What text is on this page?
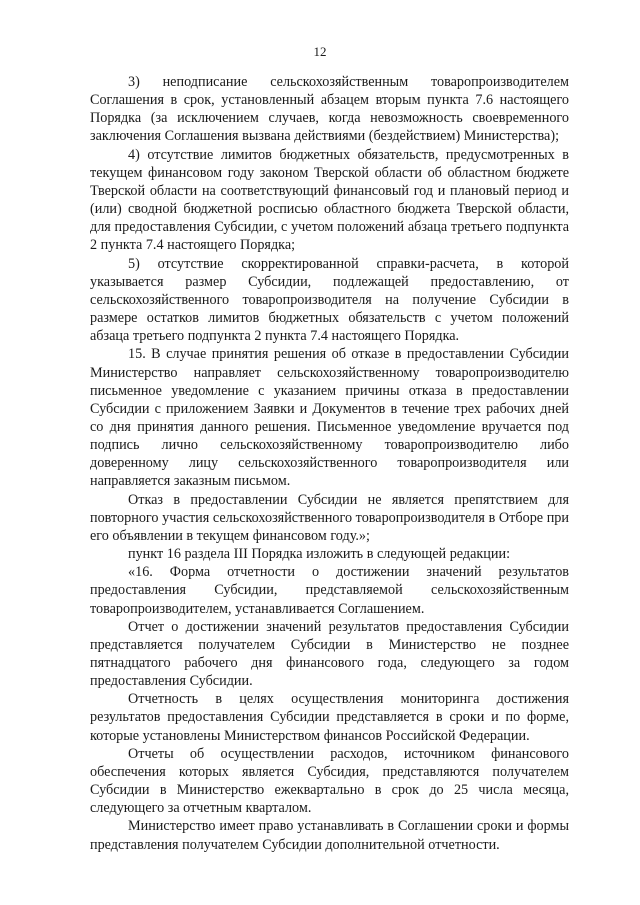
12

3) неподписание сельскохозяйственным товаропроизводителем Соглашения в срок, установленный абзацем вторым пункта 7.6 настоящего Порядка (за исключением случаев, когда невозможность своевременного заключения Соглашения вызвана действиями (бездействием) Министерства);

4) отсутствие лимитов бюджетных обязательств, предусмотренных в текущем финансовом году законом Тверской области об областном бюджете Тверской области на соответствующий финансовый год и плановый период и (или) сводной бюджетной росписью областного бюджета Тверской области, для предоставления Субсидии, с учетом положений абзаца третьего подпункта 2 пункта 7.4 настоящего Порядка;

5) отсутствие скорректированной справки-расчета, в которой указывается размер Субсидии, подлежащей предоставлению, от сельскохозяйственного товаропроизводителя на получение Субсидии в размере остатков лимитов бюджетных обязательств с учетом положений абзаца третьего подпункта 2 пункта 7.4 настоящего Порядка.

15. В случае принятия решения об отказе в предоставлении Субсидии Министерство направляет сельскохозяйственному товаропроизводителю письменное уведомление с указанием причины отказа в предоставлении Субсидии с приложением Заявки и Документов в течение трех рабочих дней со дня принятия данного решения. Письменное уведомление вручается под подпись лично сельскохозяйственному товаропроизводителю либо доверенному лицу сельскохозяйственного товаропроизводителя или направляется заказным письмом.

Отказ в предоставлении Субсидии не является препятствием для повторного участия сельскохозяйственного товаропроизводителя в Отборе при его объявлении в текущем финансовом году.»;

пункт 16 раздела III Порядка изложить в следующей редакции:

«16. Форма отчетности о достижении значений результатов предоставления Субсидии, представляемой сельскохозяйственным товаропроизводителем, устанавливается Соглашением.

Отчет о достижении значений результатов предоставления Субсидии представляется получателем Субсидии в Министерство не позднее пятнадцатого рабочего дня финансового года, следующего за годом предоставления Субсидии.

Отчетность в целях осуществления мониторинга достижения результатов предоставления Субсидии представляется в сроки и по форме, которые установлены Министерством финансов Российской Федерации.

Отчеты об осуществлении расходов, источником финансового обеспечения которых является Субсидия, представляются получателем Субсидии в Министерство ежеквартально в срок до 25 числа месяца, следующего за отчетным кварталом.

Министерство имеет право устанавливать в Соглашении сроки и формы представления получателем Субсидии дополнительной отчетности.
